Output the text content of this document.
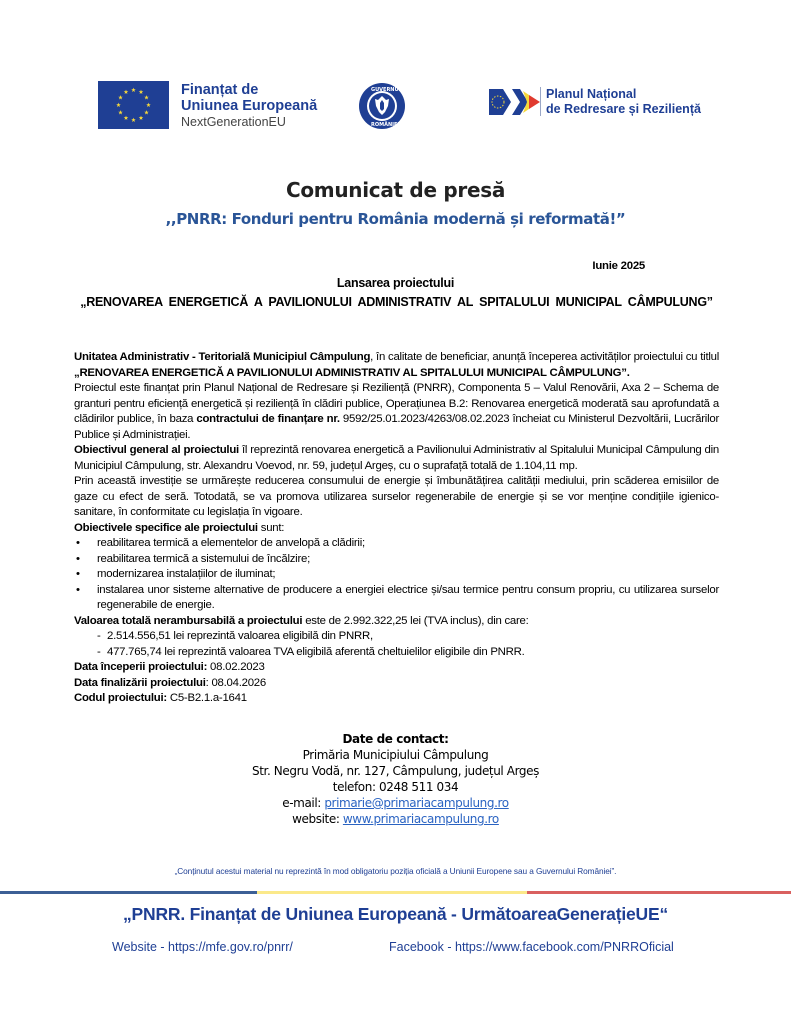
Finanțat de
Uniunea Europeană
NextGenerationEU
GUVERNUL
ROMÂNIEI
Planul Național
de Redresare și Reziliență
Comunicat de presă
,,PNRR: Fonduri pentru România modernă și reformată!”
Iunie 2025
Lansarea proiectului
„RENOVAREA ENERGETICĂ A PAVILIONULUI ADMINISTRATIV AL SPITALULUI MUNICIPAL CÂMPULUNG”

Unitatea Administrativ - Teritorială Municipiul Câmpulung, în calitate de beneficiar, anunță începerea activităților proiectului cu titlul „RENOVAREA ENERGETICĂ A PAVILIONULUI ADMINISTRATIV AL SPITALULUI MUNICIPAL CÂMPULUNG”.

Proiectul este finanțat prin Planul Național de Redresare și Reziliență (PNRR), Componenta 5 – Valul Renovării, Axa 2 – Schema de granturi pentru eficiență energetică și reziliență în clădiri publice, Operațiunea B.2: Renovarea energetică moderată sau aprofundată a clădirilor publice, în baza contractului de finanțare nr. 9592/25.01.2023/4263/08.02.2023 încheiat cu Ministerul Dezvoltării, Lucrărilor Publice și Administrației.

Obiectivul general al proiectului îl reprezintă renovarea energetică a Pavilionului Administrativ al Spitalului Municipal Câmpulung din Municipiul Câmpulung, str. Alexandru Voevod, nr. 59, județul Argeș, cu o suprafață totală de 1.104,11 mp.

Prin această investiție se urmărește reducerea consumului de energie și îmbunătățirea calității mediului, prin scăderea emisiilor de gaze cu efect de seră. Totodată, se va promova utilizarea surselor regenerabile de energie și se vor menține condițiile igienico-sanitare, în conformitate cu legislația în vigoare.

Obiectivele specifice ale proiectului sunt:

• reabilitarea termică a elementelor de anvelopă a clădirii;
• reabilitarea termică a sistemului de încălzire;
• modernizarea instalațiilor de iluminat;
• instalarea unor sisteme alternative de producere a energiei electrice și/sau termice pentru consum propriu, cu utilizarea surselor regenerabile de energie.

Valoarea totală nerambursabilă a proiectului este de 2.992.322,25 lei (TVA inclus), din care:

- 2.514.556,51 lei reprezintă valoarea eligibilă din PNRR,
- 477.765,74 lei reprezintă valoarea TVA eligibilă aferentă cheltuielilor eligibile din PNRR.

Data începerii proiectului: 08.02.2023

Data finalizării proiectului: 08.04.2026

Codul proiectului: C5-B2.1.a-1641

Date de contact:
Primăria Municipiului Câmpulung
Str. Negru Vodă, nr. 127, Câmpulung, județul Argeș
telefon: 0248 511 034
e-mail: primarie@primariacampulung.ro
website: www.primariacampulung.ro
„Conținutul acestui material nu reprezintă în mod obligatoriu poziția oficială a Uniunii Europene sau a Guvernului României”.
„PNRR. Finanțat de Uniunea Europeană - UrmătoareaGenerațieUE“
Website - https://mfe.gov.ro/pnrr/	Facebook - https://www.facebook.com/PNRROficial
